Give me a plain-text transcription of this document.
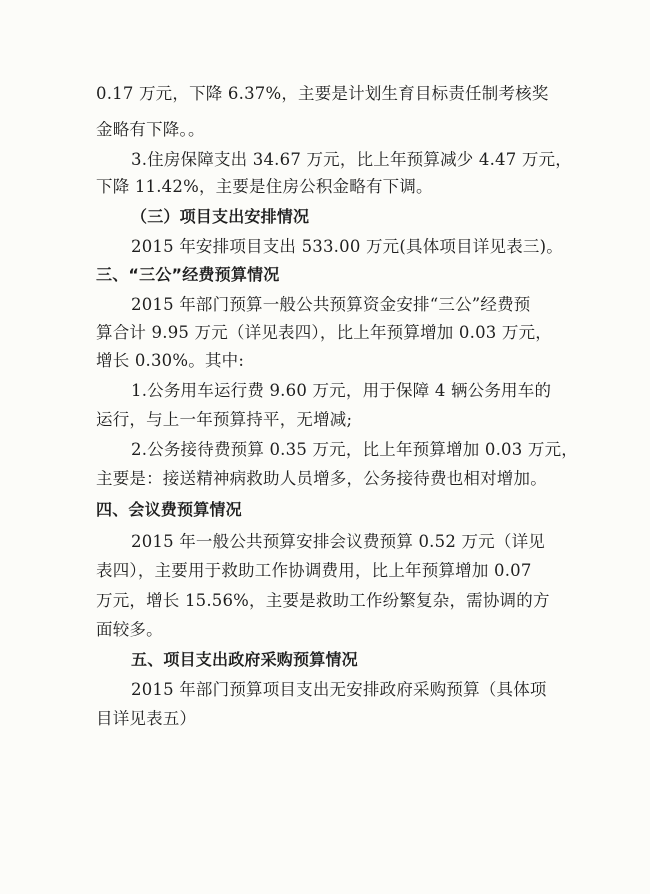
0.17 万元，下降 6.37%，主要是计划生育目标责任制考核奖
金略有下降。。
3.住房保障支出 34.67 万元，比上年预算减少 4.47 万元，
下降 11.42%，主要是住房公积金略有下调。
（三）项目支出安排情况
2015 年安排项目支出 533.00 万元(具体项目详见表三)。
三、“三公”经费预算情况
2015 年部门预算一般公共预算资金安排“三公”经费预
算合计 9.95 万元（详见表四），比上年预算增加 0.03 万元，
增长 0.30%。其中:
1.公务用车运行费 9.60 万元，用于保障 4 辆公务用车的
运行，与上一年预算持平，无增减;
2.公务接待费预算 0.35 万元，比上年预算增加 0.03 万元，
主要是：接送精神病救助人员增多，公务接待费也相对增加。
四、会议费预算情况
2015 年一般公共预算安排会议费预算 0.52 万元（详见
表四），主要用于救助工作协调费用，比上年预算增加 0.07
万元，增长 15.56%，主要是救助工作纷繁复杂，需协调的方
面较多。
五、项目支出政府采购预算情况
2015 年部门预算项目支出无安排政府采购预算（具体项
目详见表五）
